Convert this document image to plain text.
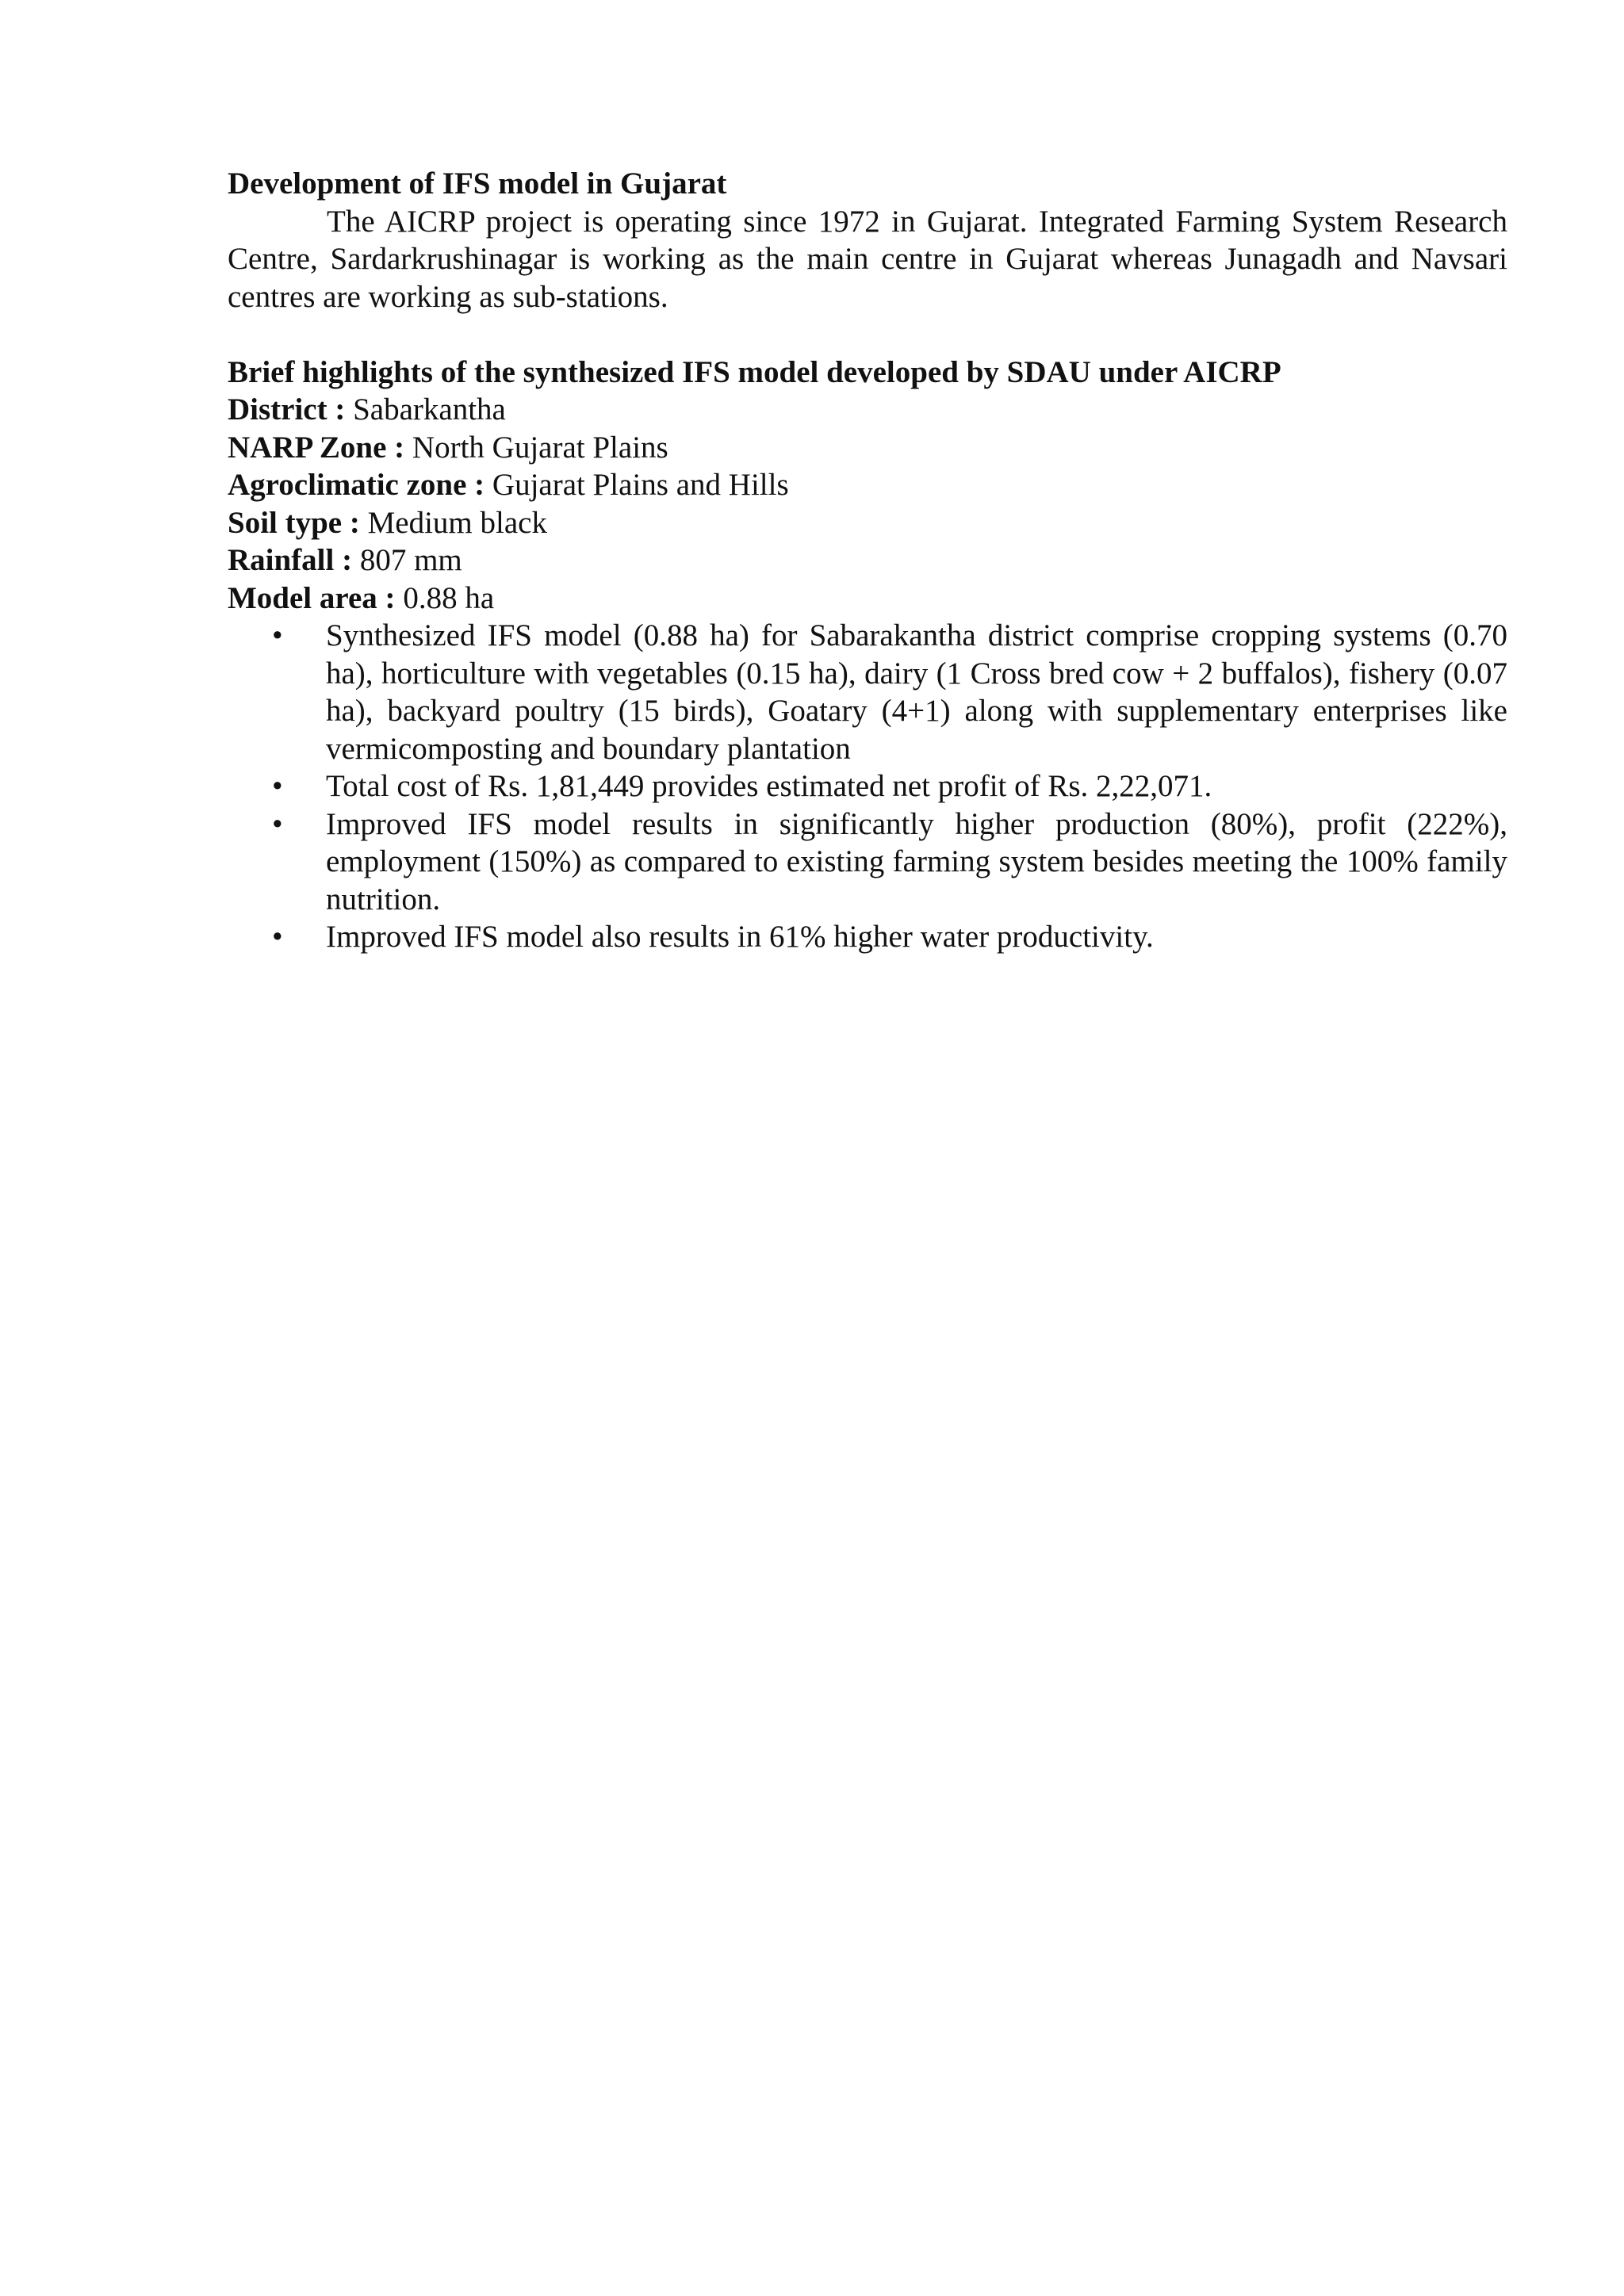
Development of IFS model in Gujarat

The AICRP project is operating since 1972 in Gujarat. Integrated Farming System Research Centre, Sardarkrushinagar is working as the main centre in Gujarat whereas Junagadh and Navsari centres are working as sub-stations.

Brief highlights of the synthesized IFS model developed by SDAU under AICRP

District : Sabarkantha

NARP Zone : North Gujarat Plains

Agroclimatic zone : Gujarat Plains and Hills

Soil type : Medium black

Rainfall : 807 mm

Model area : 0.88 ha

• Synthesized IFS model (0.88 ha) for Sabarakantha district comprise cropping systems (0.70 ha), horticulture with vegetables (0.15 ha), dairy (1 Cross bred cow + 2 buffalos), fishery (0.07 ha), backyard poultry (15 birds), Goatary (4+1) along with supplementary enterprises like vermicomposting and boundary plantation
• Total cost of Rs. 1,81,449 provides estimated net profit of Rs. 2,22,071.
• Improved IFS model results in significantly higher production (80%), profit (222%), employment (150%) as compared to existing farming system besides meeting the 100% family nutrition.
• Improved IFS model also results in 61% higher water productivity.
